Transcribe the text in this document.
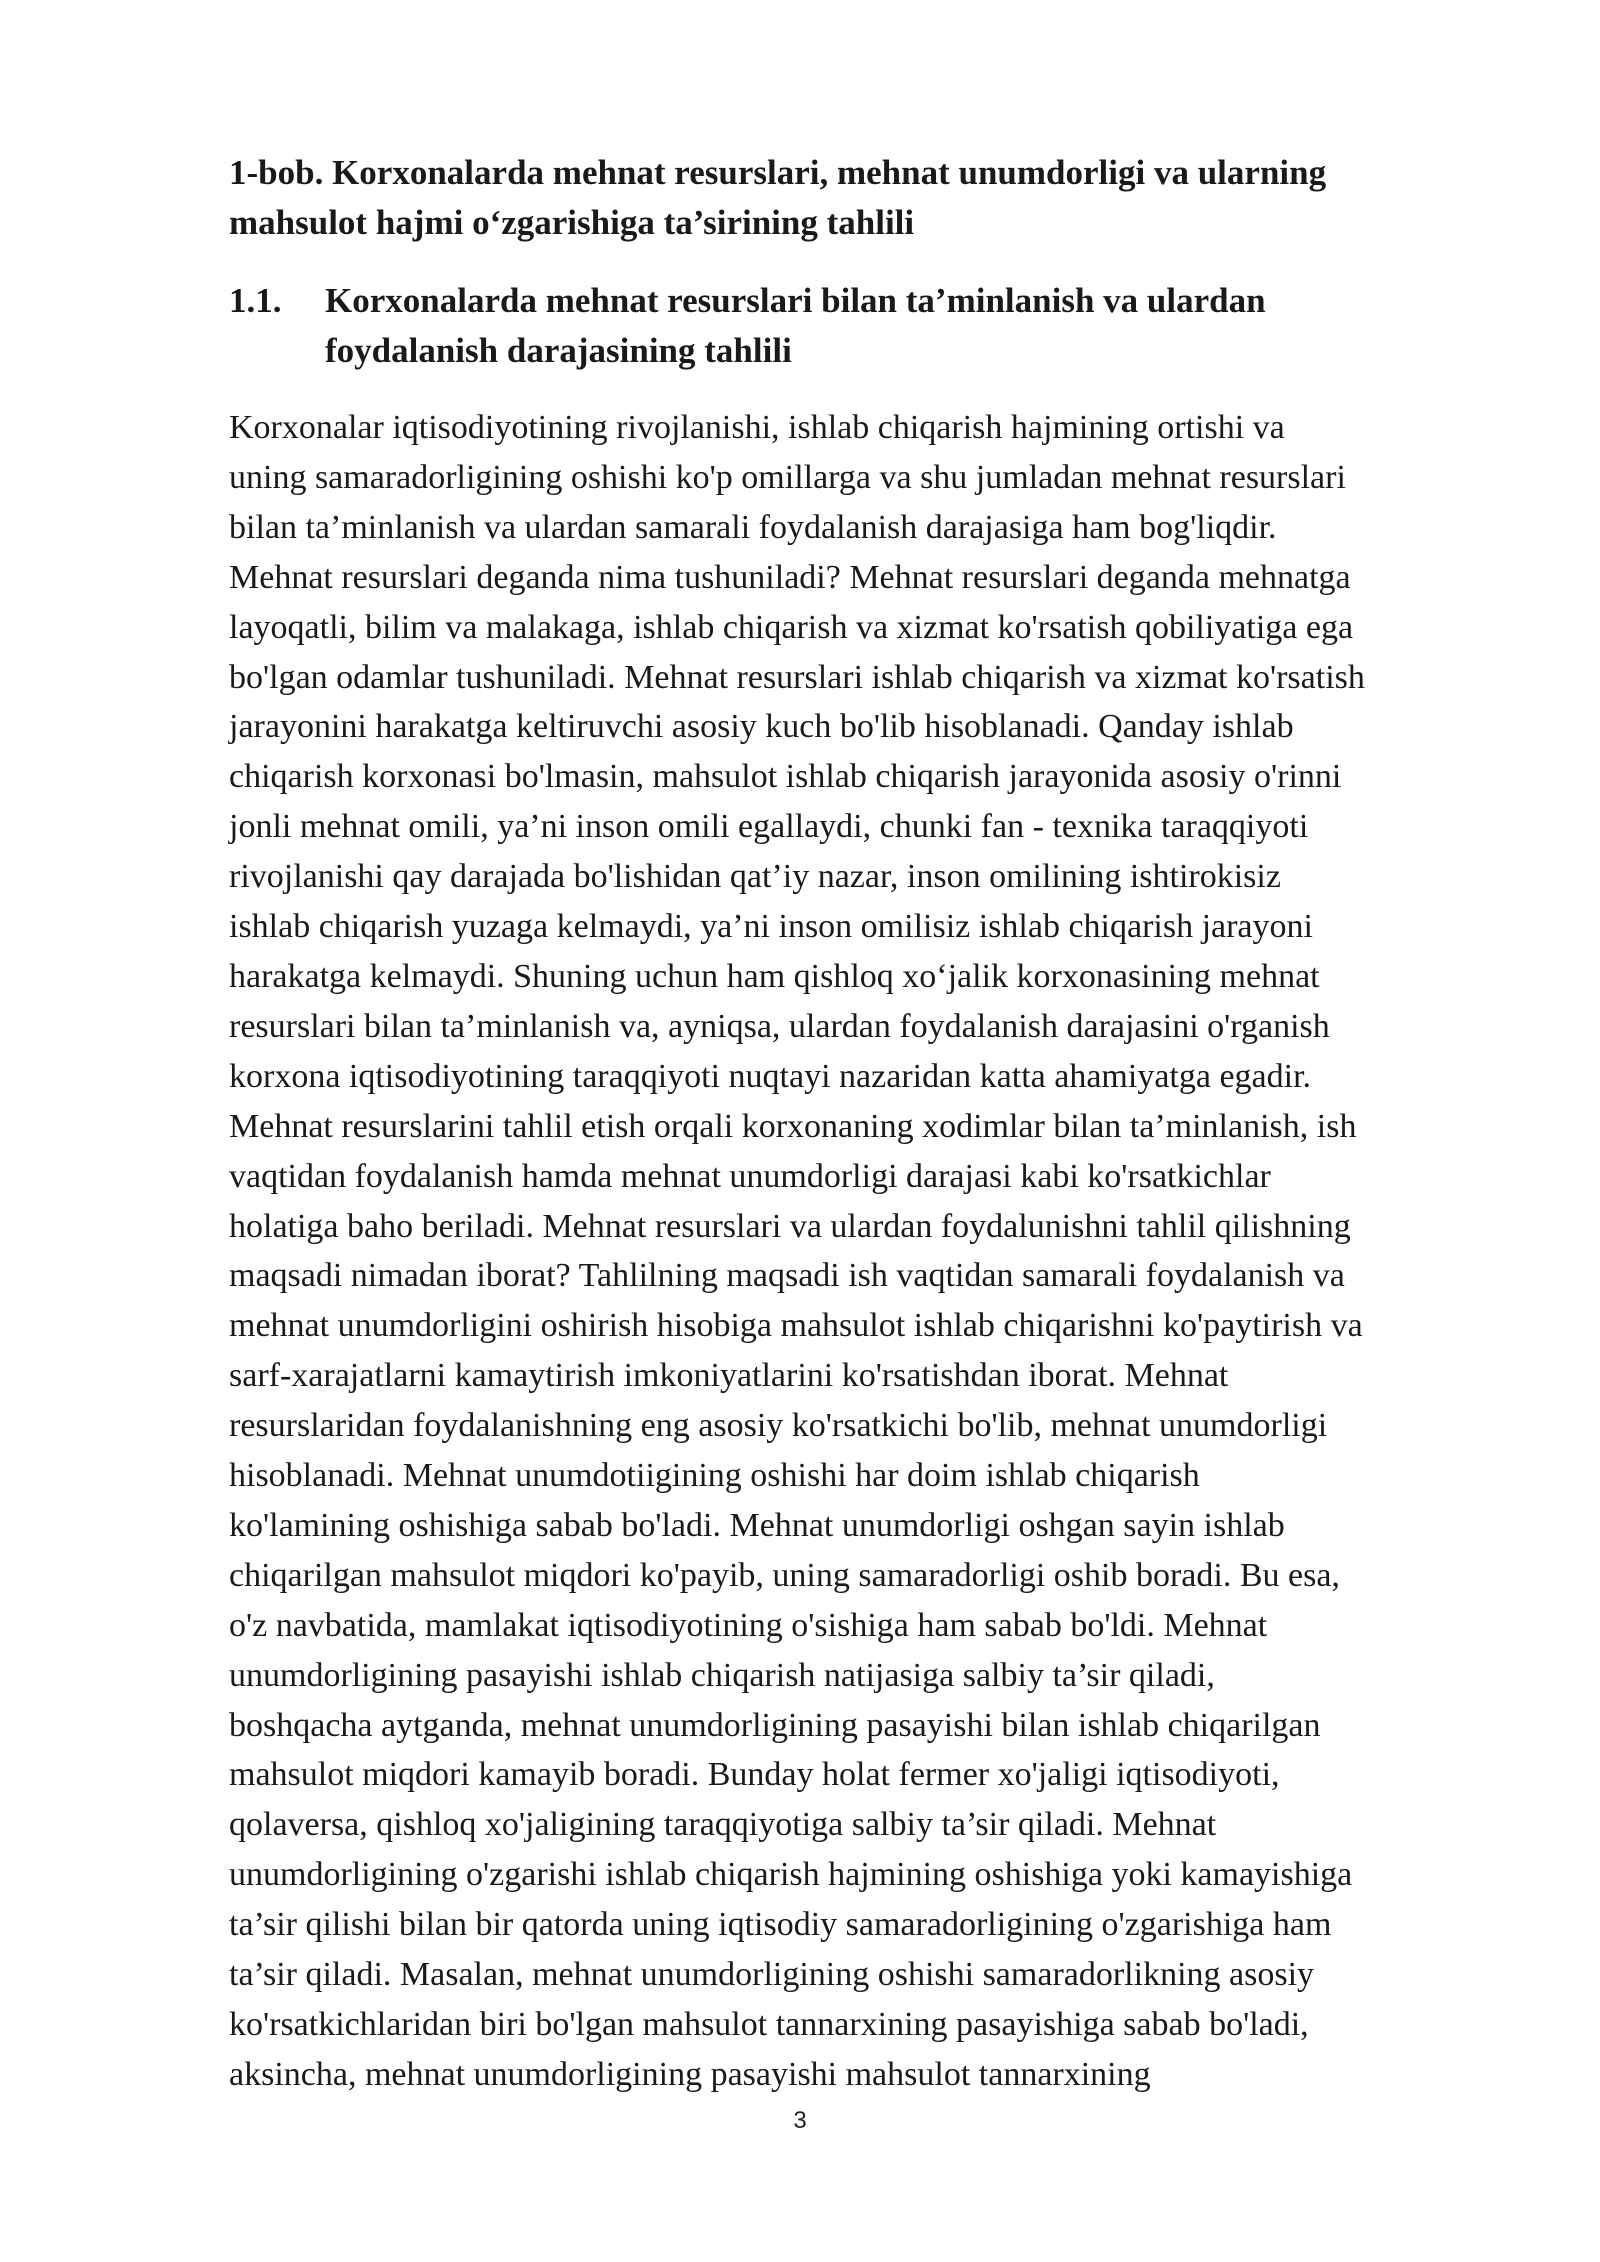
1-bob. Korxonalarda mehnat resurslari, mehnat unumdorligi va ularning
mahsulot hajmi o‘zgarishiga ta’sirining tahlili
1.1.	Korxonalarda mehnat resurslari bilan ta’minlanish va ulardan
foydalanish darajasining tahlili

Korxonalar iqtisodiyotining rivojlanishi, ishlab chiqarish hajmining ortishi va
uning samaradorligining oshishi ko'p omillarga va shu jumladan mehnat resurslari
bilan ta’minlanish va ulardan samarali foydalanish darajasiga ham bog'liqdir.
Mehnat resurslari deganda nima tushuniladi? Mehnat resurslari deganda mehnatga
layoqatli, bilim va malakaga, ishlab chiqarish va xizmat ko'rsatish qobiliyatiga ega
bo'lgan odamlar tushuniladi. Mehnat resurslari ishlab chiqarish va xizmat ko'rsatish
jarayonini harakatga keltiruvchi asosiy kuch bo'lib hisoblanadi. Qanday ishlab
chiqarish korxonasi bo'lmasin, mahsulot ishlab chiqarish jarayonida asosiy o'rinni
jonli mehnat omili, ya’ni inson omili egallaydi, chunki fan - texnika taraqqiyoti
rivojlanishi qay darajada bo'lishidan qat’iy nazar, inson omilining ishtirokisiz
ishlab chiqarish yuzaga kelmaydi, ya’ni inson omilisiz ishlab chiqarish jarayoni
harakatga kelmaydi. Shuning uchun ham qishloq xo‘jalik korxonasining mehnat
resurslari bilan ta’minlanish va, ayniqsa, ulardan foydalanish darajasini o'rganish
korxona iqtisodiyotining taraqqiyoti nuqtayi nazaridan katta ahamiyatga egadir.
Mehnat resurslarini tahlil etish orqali korxonaning xodimlar bilan ta’minlanish, ish
vaqtidan foydalanish hamda mehnat unumdorligi darajasi kabi ko'rsatkichlar
holatiga baho beriladi. Mehnat resurslari va ulardan foydalunishni tahlil qilishning
maqsadi nimadan iborat? Tahlilning maqsadi ish vaqtidan samarali foydalanish va
mehnat unumdorligini oshirish hisobiga mahsulot ishlab chiqarishni ko'paytirish va
sarf-xarajatlarni kamaytirish imkoniyatlarini ko'rsatishdan iborat. Mehnat
resurslaridan foydalanishning eng asosiy ko'rsatkichi bo'lib, mehnat unumdorligi
hisoblanadi. Mehnat unumdotiigining oshishi har doim ishlab chiqarish
ko'lamining oshishiga sabab bo'ladi. Mehnat unumdorligi oshgan sayin ishlab
chiqarilgan mahsulot miqdori ko'payib, uning samaradorligi oshib boradi. Bu esa,
o'z navbatida, mamlakat iqtisodiyotining o'sishiga ham sabab bo'ldi. Mehnat
unumdorligining pasayishi ishlab chiqarish natijasiga salbiy ta’sir qiladi,
boshqacha aytganda, mehnat unumdorligining pasayishi bilan ishlab chiqarilgan
mahsulot miqdori kamayib boradi. Bunday holat fermer xo'jaligi iqtisodiyoti,
qolaversa, qishloq xo'jaligining taraqqiyotiga salbiy ta’sir qiladi. Mehnat
unumdorligining o'zgarishi ishlab chiqarish hajmining oshishiga yoki kamayishiga
ta’sir qilishi bilan bir qatorda uning iqtisodiy samaradorligining o'zgarishiga ham
ta’sir qiladi. Masalan, mehnat unumdorligining oshishi samaradorlikning asosiy
ko'rsatkichlaridan biri bo'lgan mahsulot tannarxining pasayishiga sabab bo'ladi,
aksincha, mehnat unumdorligining pasayishi mahsulot tannarxining

3
